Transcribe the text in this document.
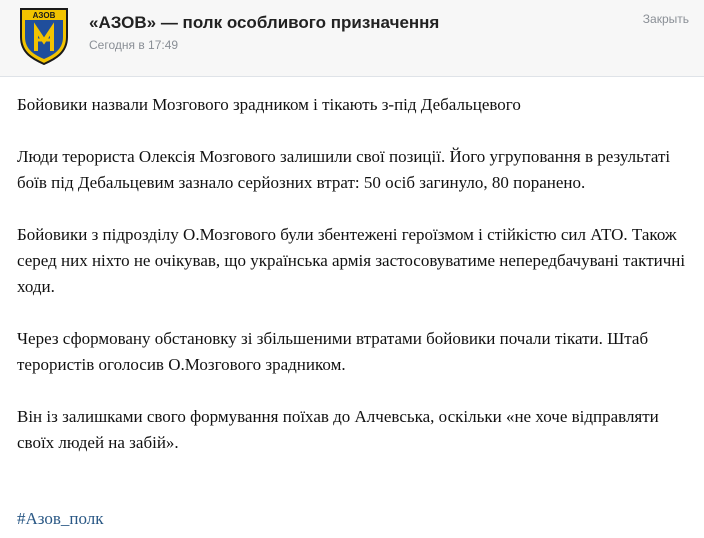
АЗОВ «АЗОВ» — полк особливого призначення
Сегодня в 17:49
Закрыть

Бойовики назвали Мозгового зрадником і тікають з-під Дебальцевого

Люди терориста Олексія Мозгового залишили свої позиції. Його угруповання в результаті боїв під Дебальцевим зазнало серйозних втрат: 50 осіб загинуло, 80 поранено.

Бойовики з підрозділу О.Мозгового були збентежені героїзмом і стійкістю сил АТО. Також серед них ніхто не очікував, що українська армія застосовуватиме непередбачувані тактичні ходи.

Через сформовану обстановку зі збільшеними втратами бойовики почали тікати. Штаб терористів оголосив О.Мозгового зрадником.

Він із залишками свого формування поїхав до Алчевська, оскільки «не хоче відправляти своїх людей на забій».

#Азов_полк
